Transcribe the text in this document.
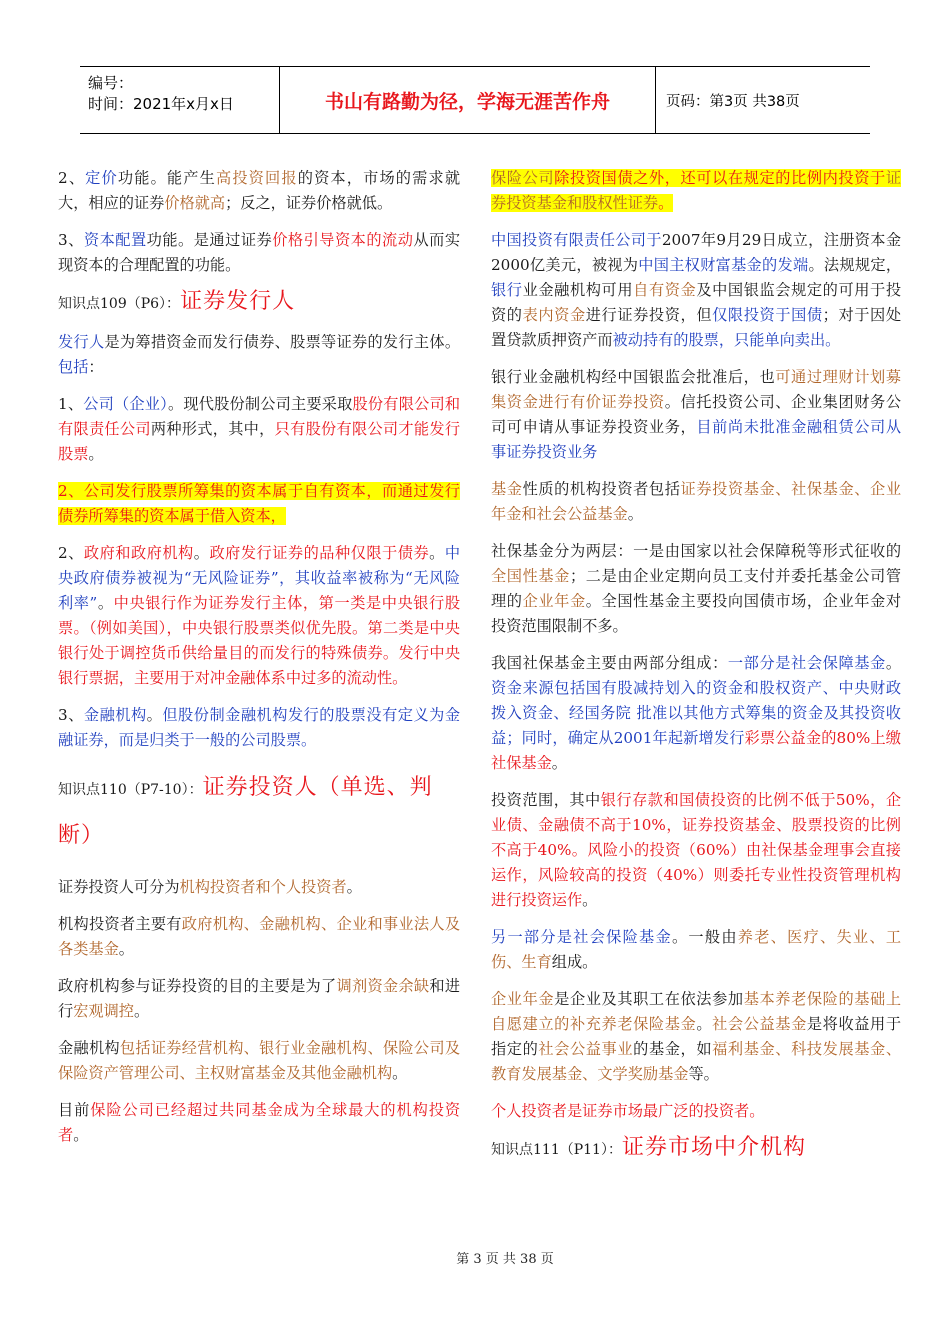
编号：
时间：2021年x月x日	书山有路勤为径，学海无涯苦作舟	页码：第3页 共38页

2、定价功能。能产生高投资回报的资本，市场的需求就大，相应的证券价格就高；反之，证券价格就低。

3、资本配置功能。是通过证券价格引导资本的流动从而实现资本的合理配置的功能。

知识点109（P6）：证券发行人

发行人是为筹措资金而发行债券、股票等证券的发行主体。包括：

1、公司（企业）。现代股份制公司主要采取股份有限公司和有限责任公司两种形式，其中，只有股份有限公司才能发行股票。

2、公司发行股票所筹集的资本属于自有资本，而通过发行债券所筹集的资本属于借入资本，

2、政府和政府机构。政府发行证券的品种仅限于债券。中央政府债券被视为“无风险证券”，其收益率被称为“无风险利率”。中央银行作为证券发行主体，第一类是中央银行股票。（例如美国），中央银行股票类似优先股。第二类是中央银行处于调控货币供给量目的而发行的特殊债券。发行中央银行票据，主要用于对冲金融体系中过多的流动性。

3、金融机构。但股份制金融机构发行的股票没有定义为金融证券，而是归类于一般的公司股票。

知识点110（P7-10）：证券投资人（单选、判断）

证券投资人可分为机构投资者和个人投资者。

机构投资者主要有政府机构、金融机构、企业和事业法人及各类基金。

政府机构参与证券投资的目的主要是为了调剂资金余缺和进行宏观调控。

金融机构包括证券经营机构、银行业金融机构、保险公司及保险资产管理公司、主权财富基金及其他金融机构。

目前保险公司已经超过共同基金成为全球最大的机构投资者。

保险公司除投资国债之外，还可以在规定的比例内投资于证券投资基金和股权性证券。

中国投资有限责任公司于2007年9月29日成立，注册资本金2000亿美元，被视为中国主权财富基金的发端。法规规定，银行业金融机构可用自有资金及中国银监会规定的可用于投资的表内资金进行证券投资，但仅限投资于国债；对于因处置贷款质押资产而被动持有的股票，只能单向卖出。

银行业金融机构经中国银监会批准后，也可通过理财计划募集资金进行有价证券投资。信托投资公司、企业集团财务公司可申请从事证券投资业务，目前尚未批准金融租赁公司从事证券投资业务

基金性质的机构投资者包括证券投资基金、社保基金、企业年金和社会公益基金。

社保基金分为两层：一是由国家以社会保障税等形式征收的全国性基金；二是由企业定期向员工支付并委托基金公司管理的企业年金。全国性基金主要投向国债市场，企业年金对投资范围限制不多。

我国社保基金主要由两部分组成：一部分是社会保障基金。资金来源包括国有股减持划入的资金和股权资产、中央财政拨入资金、经国务院 批准以其他方式筹集的资金及其投资收益；同时，确定从2001年起新增发行彩票公益金的80%上缴社保基金。

投资范围，其中银行存款和国债投资的比例不低于50%，企业债、金融债不高于10%，证券投资基金、股票投资的比例不高于40%。风险小的投资（60%）由社保基金理事会直接运作，风险较高的投资（40%）则委托专业性投资管理机构进行投资运作。

另一部分是社会保险基金。一般由养老、医疗、失业、工伤、生育组成。

企业年金是企业及其职工在依法参加基本养老保险的基础上自愿建立的补充养老保险基金。社会公益基金是将收益用于指定的社会公益事业的基金，如福利基金、科技发展基金、教育发展基金、文学奖励基金等。

个人投资者是证券市场最广泛的投资者。

知识点111（P11）：证券市场中介机构
第 3 页 共 38 页
